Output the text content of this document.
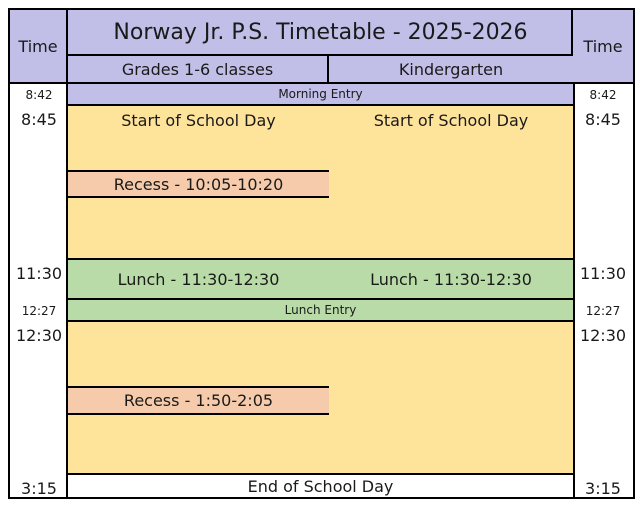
Time
Norway Jr. P.S. Timetable - 2025-2026
Time
Grades 1-6 classes	Kindergarten
8:42
8:45
11:30
12:27
12:30
3:15
8:42
8:45
11:30
12:27
12:30
3:15
Morning Entry
Start of School Day
Recess - 10:05-10:20
Start of School Day
Lunch - 11:30-12:30	Lunch - 11:30-12:30
Lunch Entry
Recess - 1:50-2:05
End of School Day
